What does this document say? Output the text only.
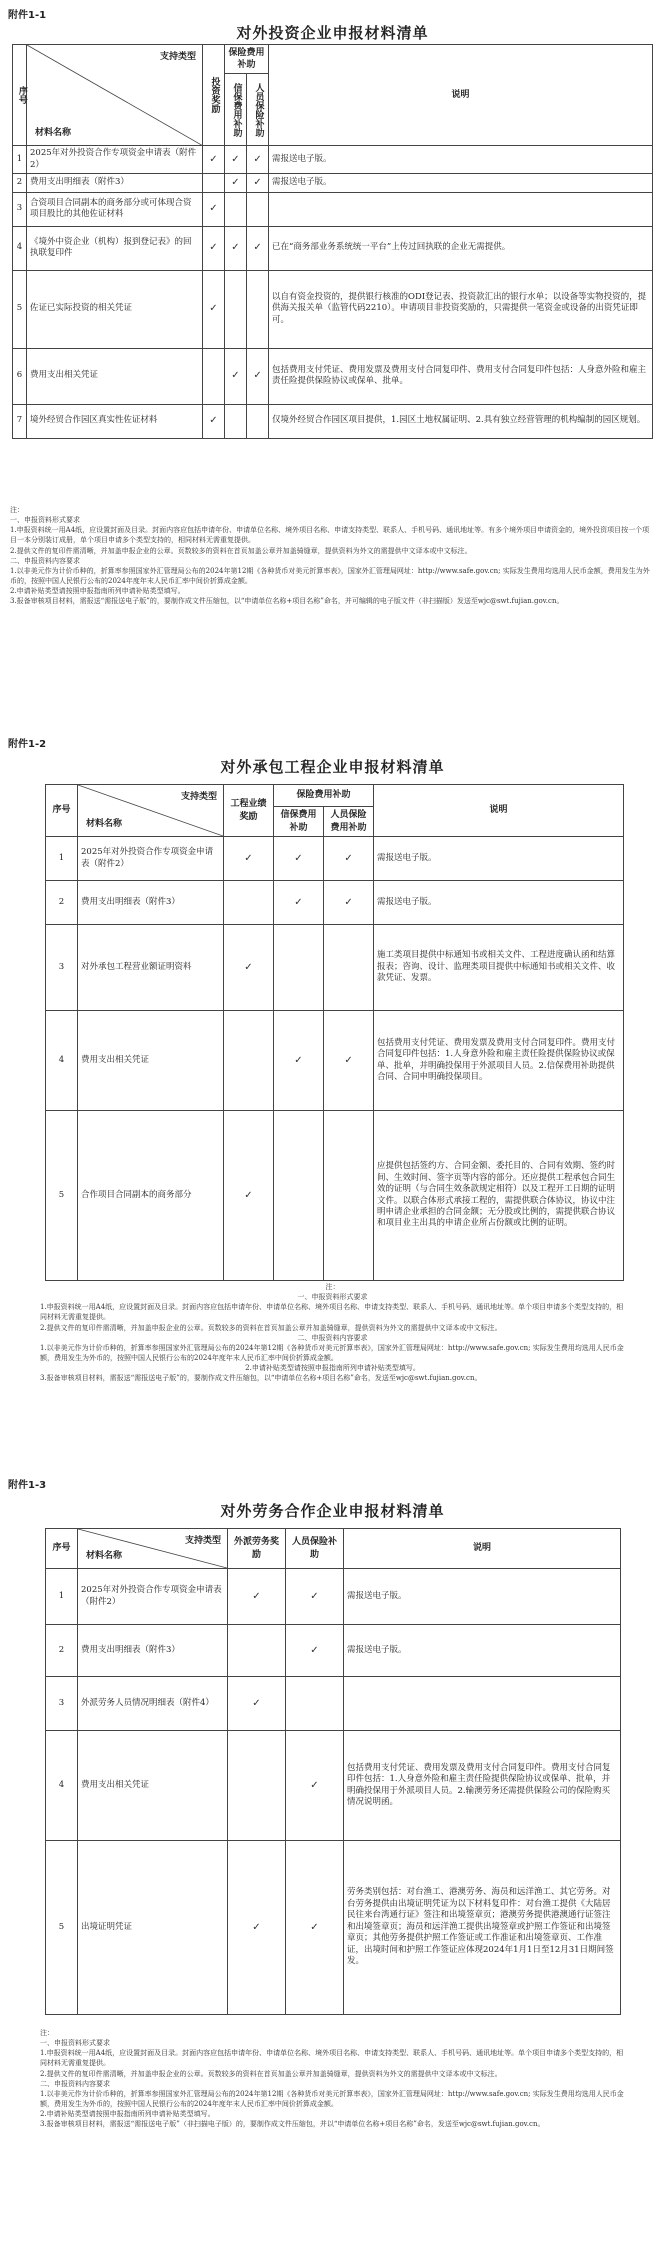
附件1-1
对外投资企业申报材料清单
序号	支持类型
材料名称	投资奖励	保险费用补助		说明

			信保费用补助	人员保险补助	

1	2025年对外投资合作专项资金申请表（附件2）	✓	✓	✓	需报送电子版。
2	费用支出明细表（附件3）		✓	✓	需报送电子版。
3	合资项目合同副本的商务部分或可体现合资项目股比的其他佐证材料	✓			
4	《境外中资企业（机构）报到登记表》的回执联复印件	✓	✓	✓	已在“商务部业务系统统一平台”上传过回执联的企业无需提供。
5	佐证已实际投资的相关凭证	✓			以自有资金投资的，提供银行核准的ODI登记表、投资款汇出的银行水单；以设备等实物投资的，提供海关报关单（监管代码2210）。申请项目非投资奖励的，只需提供一笔资金或设备的出资凭证即可。
6	费用支出相关凭证		✓	✓	包括费用支付凭证、费用发票及费用支付合同复印件、费用支付合同复印件包括：人身意外险和雇主责任险提供保险协议或保单、批单。
7	境外经贸合作园区真实性佐证材料	✓			仅境外经贸合作园区项目提供，1.园区土地权属证明、2.具有独立经营管理的机构编制的园区规划。

注：

一、申报资料形式要求

1.申报资料统一用A4纸，应设置封面及目录。封面内容应包括申请年份、申请单位名称、境外项目名称、申请支持类型、联系人、手机号码、通讯地址等。有多个境外项目申请资金的，境外投资项目按一个项目一本分别装订成册，单个项目申请多个类型支持的，相同材料无需重复提供。

2.提供文件的复印件需清晰，并加盖申报企业的公章。页数较多的资料在首页加盖公章并加盖骑缝章，提供资料为外文的需提供中文译本或中文标注。

二、申报资料内容要求

1.以非美元作为计价币种的，折算率参照国家外汇管理局公布的2024年第12期《各种货币对美元折算率表》，国家外汇管理局网址：http://www.safe.gov.cn; 实际发生费用均选用人民币金额，费用发生为外币的，按照中国人民银行公布的2024年度年末人民币汇率中间价折算成金额。

2.申请补贴类型请按照申报指南所列申请补贴类型填写。

3.报备审核项目材料，需报送“需报送电子版”的，要制作成文件压缩包，以“申请单位名称+项目名称”命名，并可编辑的电子版文件（非扫描版）发送至wjc@swt.fujian.gov.cn。

附件1-2
对外承包工程企业申报材料清单
序号	支持类型
材料名称	工程业绩奖励	保险费用补助		说明
			信保费用补助	人员保险费用补助	
1	2025年对外投资合作专项资金申请表（附件2）	✓	✓	✓	需报送电子版。
2	费用支出明细表（附件3）		✓	✓	需报送电子版。
3	对外承包工程营业额证明资料	✓			施工类项目提供中标通知书或相关文件、工程进度确认函和结算报表；咨询、设计、监理类项目提供中标通知书或相关文件、收款凭证、发票。
4	费用支出相关凭证		✓	✓	包括费用支付凭证、费用发票及费用支付合同复印件。费用支付合同复印件包括：1.人身意外险和雇主责任险提供保险协议或保单、批单，并明确投保用于外派项目人员。2.信保费用补助提供合同、合同申明确投保项目。
5	合作项目合同副本的商务部分	✓			应提供包括签约方、合同金额、委托目的、合同有效期、签约时间、生效时间、签字页等内容的部分。还应提供工程承包合同生效的证明（与合同生效条款规定相符）以及工程开工日期的证明文件。以联合体形式承接工程的，需提供联合体协议，协议中注明申请企业承担的合同金额；无分股或比例的，需提供联合协议和项目业主出具的申请企业所占份额或比例的证明。

注：

一、申报资料形式要求

1.申报资料统一用A4纸，应设置封面及目录。封面内容应包括申请年份、申请单位名称、境外项目名称、申请支持类型、联系人、手机号码、通讯地址等。单个项目申请多个类型支持的，相同材料无需重复提供。

2.提供文件的复印件需清晰，并加盖申报企业的公章。页数较多的资料在首页加盖公章并加盖骑缝章，提供资料为外文的需提供中文译本或中文标注。

二、申报资料内容要求

1.以非美元作为计价币种的，折算率参照国家外汇管理局公布的2024年第12期《各种货币对美元折算率表》，国家外汇管理局网址：http://www.safe.gov.cn; 实际发生费用均选用人民币金额，费用发生为外币的，按照中国人民银行公布的2024年度年末人民币汇率中间价折算成金额。

2.申请补贴类型请按照申报指南所列申请补贴类型填写。

3.报备审核项目材料，需报送“需报送电子版”的，要制作成文件压缩包，以“申请单位名称+项目名称”命名，发送至wjc@swt.fujian.gov.cn。

附件1-3
对外劳务合作企业申报材料清单
序号	支持类型
材料名称	外派劳务奖励	人员保险补助	说明
1	2025年对外投资合作专项资金申请表（附件2）	✓	✓	需报送电子版。
2	费用支出明细表（附件3）		✓	需报送电子版。
3	外派劳务人员情况明细表（附件4）	✓		
4	费用支出相关凭证		✓	包括费用支付凭证、费用发票及费用支付合同复印件。费用支付合同复印件包括：1.人身意外险和雇主责任险提供保险协议或保单、批单，并明确投保用于外派项目人员。2.输澳劳务还需提供保险公司的保险购买情况说明函。
5	出境证明凭证	✓	✓	劳务类别包括：对台渔工、港澳劳务、海员和远洋渔工、其它劳务。对台劳务提供由出境证明凭证为以下材料复印件：对台渔工提供《大陆居民往来台湾通行证》签注和出境签章页；港澳劳务提供港澳通行证签注和出境签章页；海员和远洋渔工提供出境签章或护照工作签证和出境签章页；其他劳务提供护照工作签证或工作准证和出境签章页、工作准证，出境时间和护照工作签证应体现2024年1月1日至12月31日期间签发。

注：

一、申报资料形式要求

1.申报资料统一用A4纸，应设置封面及目录。封面内容应包括申请年份、申请单位名称、境外项目名称、申请支持类型、联系人、手机号码、通讯地址等。单个项目申请多个类型支持的，相同材料无需重复提供。

2.提供文件的复印件需清晰，并加盖申报企业的公章。页数较多的资料在首页加盖公章并加盖骑缝章，提供资料为外文的需提供中文译本或中文标注。

二、申报资料内容要求

1.以非美元作为计价币种的，折算率参照国家外汇管理局公布的2024年第12期《各种货币对美元折算率表》，国家外汇管理局网址：http://www.safe.gov.cn; 实际发生费用均选用人民币金额，费用发生为外币的，按照中国人民银行公布的2024年度年末人民币汇率中间价折算成金额。

2.申请补贴类型请按照申报指南所列申请补贴类型填写。

3.报备审核项目材料，需报送“需报送电子版”（非扫描电子版）的，要制作成文件压缩包，并以“申请单位名称+项目名称”命名，发送至wjc@swt.fujian.gov.cn。
